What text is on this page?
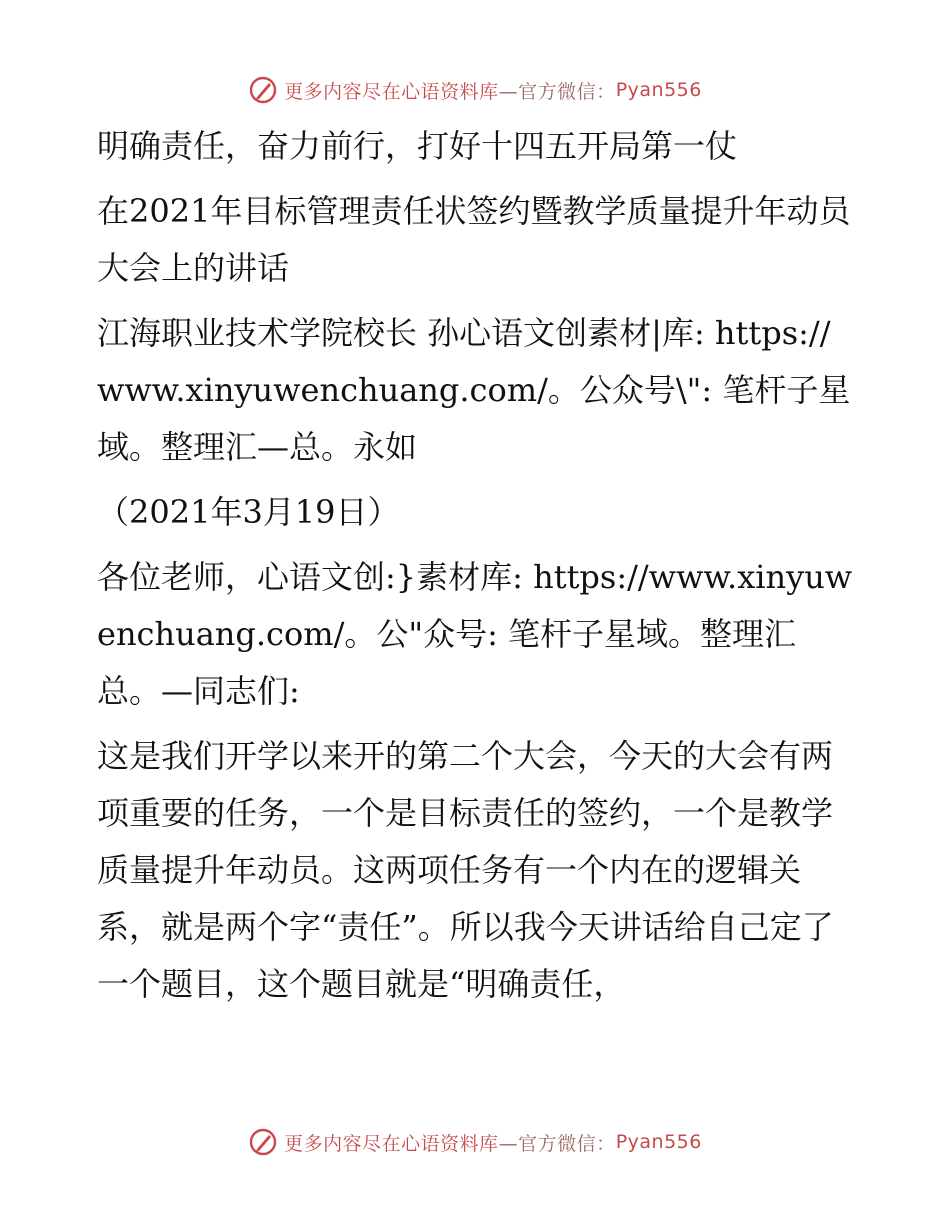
更多内容尽在心语资料库 —官方微信： Pyan556

明确责任，奋力前行，打好十四五开局第一仗

在2021年目标管理责任状签约暨教学质量提升年动员大会上的讲话

江海职业技术学院校长 孙心语文创素材|库: https://www.xinyuwenchuang.com/。公众号\": 笔杆子星域。整理汇—总。永如

（2021年3月19日）

各位老师，心语文创:}素材库: https://www.xinyuwenchuang.com/。公"众号: 笔杆子星域。整理汇总。—同志们:

这是我们开学以来开的第二个大会，今天的大会有两项重要的任务，一个是目标责任的签约，一个是教学质量提升年动员。这两项任务有一个内在的逻辑关系，就是两个字“责任”。所以我今天讲话给自己定了一个题目，这个题目就是“明确责任，

更多内容尽在心语资料库 —官方微信： Pyan556
